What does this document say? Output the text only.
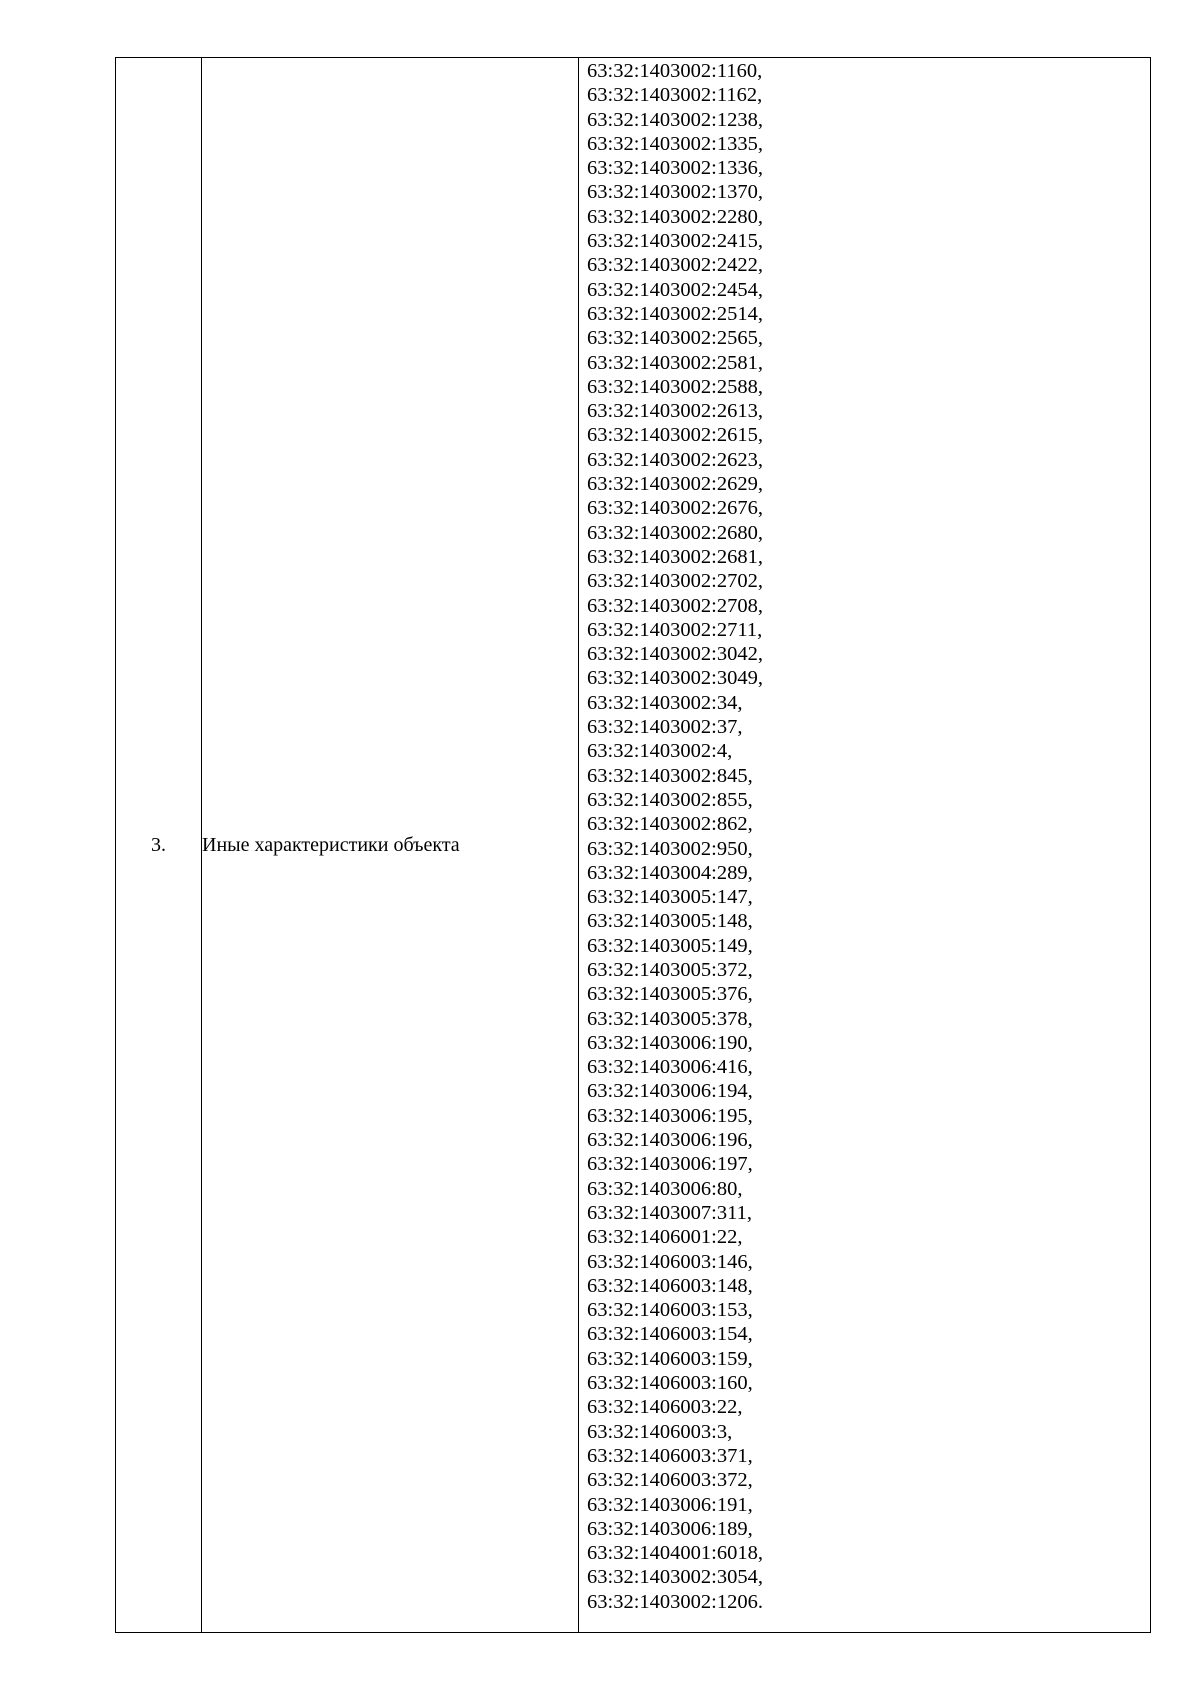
3.	Иные характеристики объекта	
63:32:1403002:1160,
63:32:1403002:1162,
63:32:1403002:1238,
63:32:1403002:1335,
63:32:1403002:1336,
63:32:1403002:1370,
63:32:1403002:2280,
63:32:1403002:2415,
63:32:1403002:2422,
63:32:1403002:2454,
63:32:1403002:2514,
63:32:1403002:2565,
63:32:1403002:2581,
63:32:1403002:2588,
63:32:1403002:2613,
63:32:1403002:2615,
63:32:1403002:2623,
63:32:1403002:2629,
63:32:1403002:2676,
63:32:1403002:2680,
63:32:1403002:2681,
63:32:1403002:2702,
63:32:1403002:2708,
63:32:1403002:2711,
63:32:1403002:3042,
63:32:1403002:3049,
63:32:1403002:34,
63:32:1403002:37,
63:32:1403002:4,
63:32:1403002:845,
63:32:1403002:855,
63:32:1403002:862,
63:32:1403002:950,
63:32:1403004:289,
63:32:1403005:147,
63:32:1403005:148,
63:32:1403005:149,
63:32:1403005:372,
63:32:1403005:376,
63:32:1403005:378,
63:32:1403006:190,
63:32:1403006:416,
63:32:1403006:194,
63:32:1403006:195,
63:32:1403006:196,
63:32:1403006:197,
63:32:1403006:80,
63:32:1403007:311,
63:32:1406001:22,
63:32:1406003:146,
63:32:1406003:148,
63:32:1406003:153,
63:32:1406003:154,
63:32:1406003:159,
63:32:1406003:160,
63:32:1406003:22,
63:32:1406003:3,
63:32:1406003:371,
63:32:1406003:372,
63:32:1403006:191,
63:32:1403006:189,
63:32:1404001:6018,
63:32:1403002:3054,
63:32:1403002:1206.
